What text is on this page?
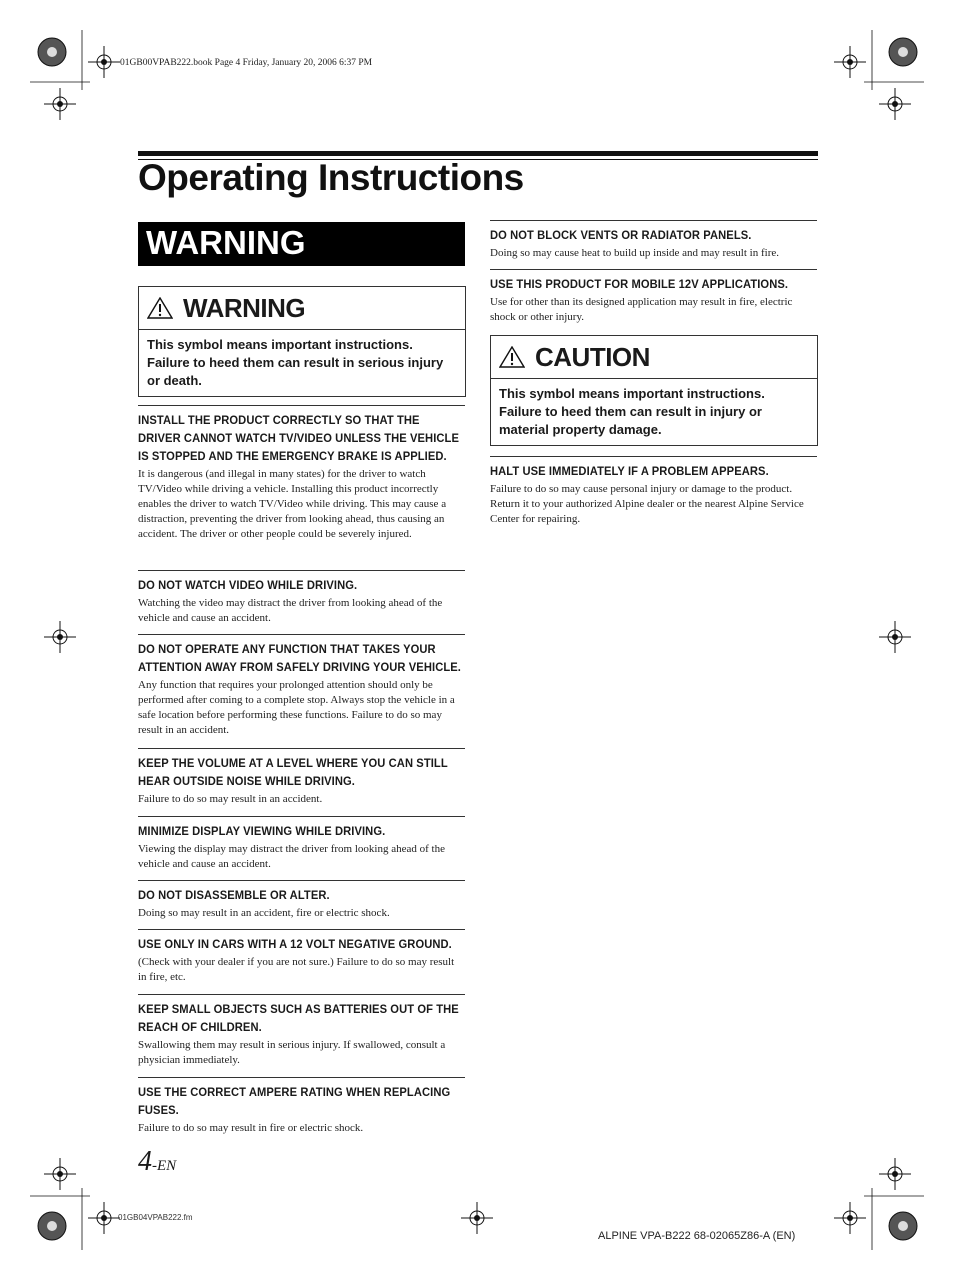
01GB00VPAB222.book Page 4 Friday, January 20, 2006 6:37 PM
Operating Instructions
WARNING
WARNING
This symbol means important instructions. Failure to heed them can result in serious injury or death.
INSTALL THE PRODUCT CORRECTLY SO THAT THE DRIVER CANNOT WATCH TV/VIDEO UNLESS THE VEHICLE IS STOPPED AND THE EMERGENCY BRAKE IS APPLIED.
It is dangerous (and illegal in many states) for the driver to watch TV/Video while driving a vehicle. Installing this product incorrectly enables the driver to watch TV/Video while driving. This may cause a distraction, preventing the driver from looking ahead, thus causing an accident. The driver or other people could be severely injured.
DO NOT WATCH VIDEO WHILE DRIVING.
Watching the video may distract the driver from looking ahead of the vehicle and cause an accident.
DO NOT OPERATE ANY FUNCTION THAT TAKES YOUR ATTENTION AWAY FROM SAFELY DRIVING YOUR VEHICLE.
Any function that requires your prolonged attention should only be performed after coming to a complete stop. Always stop the vehicle in a safe location before performing these functions. Failure to do so may result in an accident.
KEEP THE VOLUME AT A LEVEL WHERE YOU CAN STILL HEAR OUTSIDE NOISE WHILE DRIVING.
Failure to do so may result in an accident.
MINIMIZE DISPLAY VIEWING WHILE DRIVING.
Viewing the display may distract the driver from looking ahead of the vehicle and cause an accident.
DO NOT DISASSEMBLE OR ALTER.
Doing so may result in an accident, fire or electric shock.
USE ONLY IN CARS WITH A 12 VOLT NEGATIVE GROUND.
(Check with your dealer if you are not sure.) Failure to do so may result in fire, etc.
KEEP SMALL OBJECTS SUCH AS BATTERIES OUT OF THE REACH OF CHILDREN.
Swallowing them may result in serious injury. If swallowed, consult a physician immediately.
USE THE CORRECT AMPERE RATING WHEN REPLACING FUSES.
Failure to do so may result in fire or electric shock.
DO NOT BLOCK VENTS OR RADIATOR PANELS.
Doing so may cause heat to build up inside and may result in fire.
USE THIS PRODUCT FOR MOBILE 12V APPLICATIONS.
Use for other than its designed application may result in fire, electric shock or other injury.
CAUTION
This symbol means important instructions. Failure to heed them can result in injury or material property damage.
HALT USE IMMEDIATELY IF A PROBLEM APPEARS.
Failure to do so may cause personal injury or damage to the product. Return it to your authorized Alpine dealer or the nearest Alpine Service Center for repairing.
4-EN
01GB04VPAB222.fm
ALPINE VPA-B222 68-02065Z86-A (EN)
